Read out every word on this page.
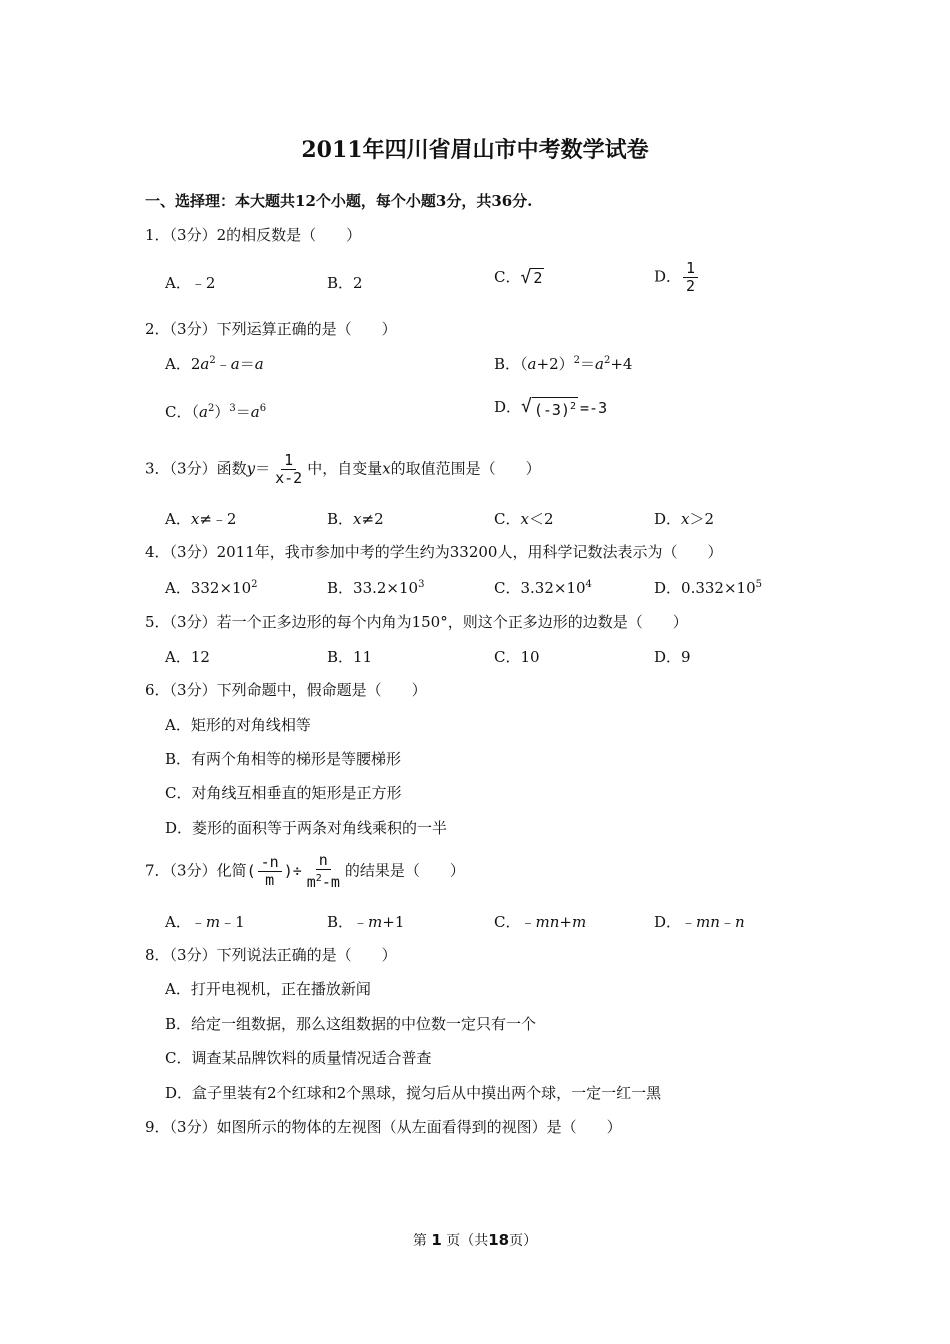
2011年四川省眉山市中考数学试卷
一、选择理：本大题共12个小题，每个小题3分，共36分.
1．（3分）2的相反数是（　　）
A．﹣2	B．2	C． √ 2	D． $\frac{1}{2}$
2．（3分）下列运算正确的是（　　）
A．$2a^2﹣a=a$	B．$(a+2)^2=a^2+4$
C．$(a^2)^3=a^6$	D． √ $(-3)^2 =-3$
3．（3分）函数$y= \frac{1}{x-2}$ 中，自变量x的取值范围是（　　）
A．x≠﹣2	B．x≠2	C．x＜2	D．x＞2
4．（3分）2011年，我市参加中考的学生约为33200人，用科学记数法表示为（　　）
A．$332\times 10^2$	B．$33.2\times 10^3$	C．$3.32\times 10^4$	D．$0.332\times 10^5$
5．（3分）若一个正多边形的每个内角为150°，则这个正多边形的边数是（　　）
A．12	B．11	C．10	D．9
6．（3分）下列命题中，假命题是（　　）
A．矩形的对角线相等
B．有两个角相等的梯形是等腰梯形
C．对角线互相垂直的矩形是正方形
D．菱形的面积等于两条对角线乘积的一半
7．（3分）化简( $\frac{-n}{m}$ )÷ $\frac{n}{m^2-m}$ 的结果是（　　）
A．﹣m﹣1	B．﹣m+1	C．﹣mn+m	D．﹣mn﹣n
8．（3分）下列说法正确的是（　　）
A．打开电视机，正在播放新闻
B．给定一组数据，那么这组数据的中位数一定只有一个
C．调查某品牌饮料的质量情况适合普查
D．盒子里装有2个红球和2个黑球，搅匀后从中摸出两个球，一定一红一黑
9．（3分）如图所示的物体的左视图（从左面看得到的视图）是（　　）
第 1 页（共18页）
